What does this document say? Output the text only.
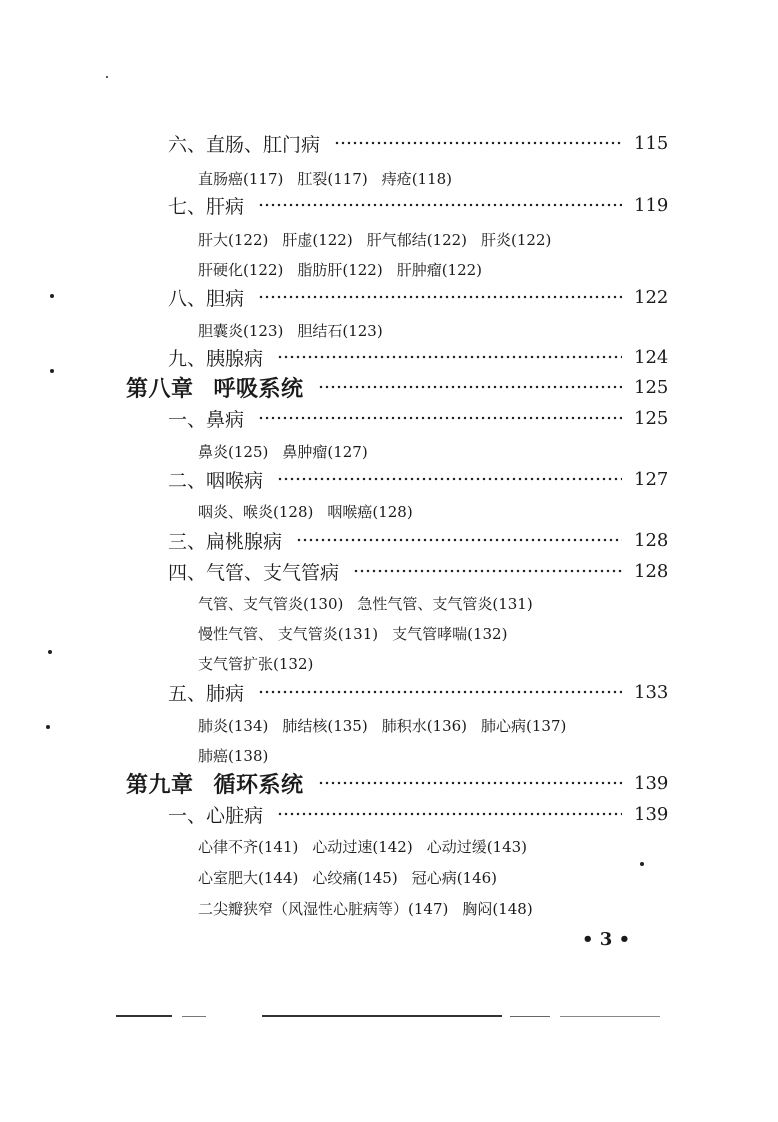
六、直肠、肛门病	115
直肠癌(117) 肛裂(117) 痔疮(118)
七、肝病	119
肝大(122) 肝虚(122) 肝气郁结(122) 肝炎(122)
肝硬化(122) 脂肪肝(122) 肝肿瘤(122)
八、胆病	122
胆囊炎(123) 胆结石(123)
九、胰腺病	124
第八章 呼吸系统	125
一、鼻病	125
鼻炎(125) 鼻肿瘤(127)
二、咽喉病	127
咽炎、喉炎(128) 咽喉癌(128)
三、扁桃腺病	128
四、气管、支气管病	128
气管、支气管炎(130) 急性气管、支气管炎(131)
慢性气管、 支气管炎(131) 支气管哮喘(132)
支气管扩张(132)
五、肺病	133
肺炎(134) 肺结核(135) 肺积水(136) 肺心病(137)
肺癌(138)
第九章 循环系统	139
一、心脏病	139
心律不齐(141) 心动过速(142) 心动过缓(143)
心室肥大(144) 心绞痛(145) 冠心病(146)
二尖瓣狭窄（风湿性心脏病等）(147) 胸闷(148)
• 3 •
